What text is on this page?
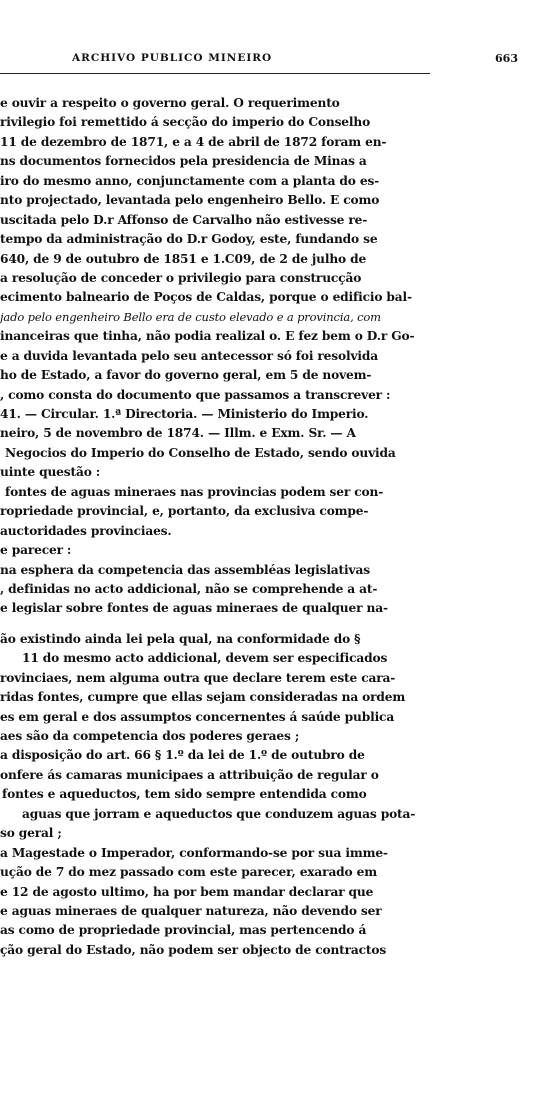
ARCHIVO PUBLICO MINEIRO	663
e ouvir a respeito o governo geral. O requerimento
rivilegio foi remettido á secção do imperio do Conselho
11 de dezembro de 1871, e a 4 de abril de 1872 foram en-
ns documentos fornecidos pela presidencia de Minas a
iro do mesmo anno, conjunctamente com a planta do es-
nto projectado, levantada pelo engenheiro Bello. E como
uscitada pelo D.r Affonso de Carvalho não estivesse re-
tempo da administração do D.r Godoy, este, fundando se
640, de 9 de outubro de 1851 e 1.C09, de 2 de julho de
a resolução de conceder o privilegio para construcção
ecimento balneario de Poços de Caldas, porque o edificio bal-
jado pelo engenheiro Bello era de custo elevado e a provincia, com
inanceiras que tinha, não podia realizal o. E fez bem o D.r Go-
e a duvida levantada pelo seu antecessor só foi resolvida
ho de Estado, a favor do governo geral, em 5 de novem-
, como consta do documento que passamos a transcrever :
41. — Circular. 1.ª Directoria. — Ministerio do Imperio.
neiro, 5 de novembro de 1874. — Illm. e Exm. Sr. — A
Negocios do Imperio do Conselho de Estado, sendo ouvida
uinte questão :
fontes de aguas mineraes nas provincias podem ser con-
ropriedade provincial, e, portanto, da exclusiva compe-
auctoridades provinciaes.
e parecer :
na esphera da competencia das assembléas legislativas
, definidas no acto addicional, não se comprehende a at-
e legislar sobre fontes de aguas mineraes de qualquer na-
ão existindo ainda lei pela qual, na conformidade do §
11 do mesmo acto addicional, devem ser especificados
rovinciaes, nem alguma outra que declare terem este cara-
ridas fontes, cumpre que ellas sejam consideradas na ordem
es em geral e dos assumptos concernentes á saúde publica
aes são da competencia dos poderes geraes ;
a disposição do art. 66 § 1.º da lei de 1.º de outubro de
onfere ás camaras municipaes a attribuição de regular o
fontes e aqueductos, tem sido sempre entendida como
aguas que jorram e aqueductos que conduzem aguas pota-
so geral ;
a Magestade o Imperador, conformando-se por sua imme-
ução de 7 do mez passado com este parecer, exarado em
e 12 de agosto ultimo, ha por bem mandar declarar que
e aguas mineraes de qualquer natureza, não devendo ser
as como de propriedade provincial, mas pertencendo á
ção geral do Estado, não podem ser objecto de contractos
